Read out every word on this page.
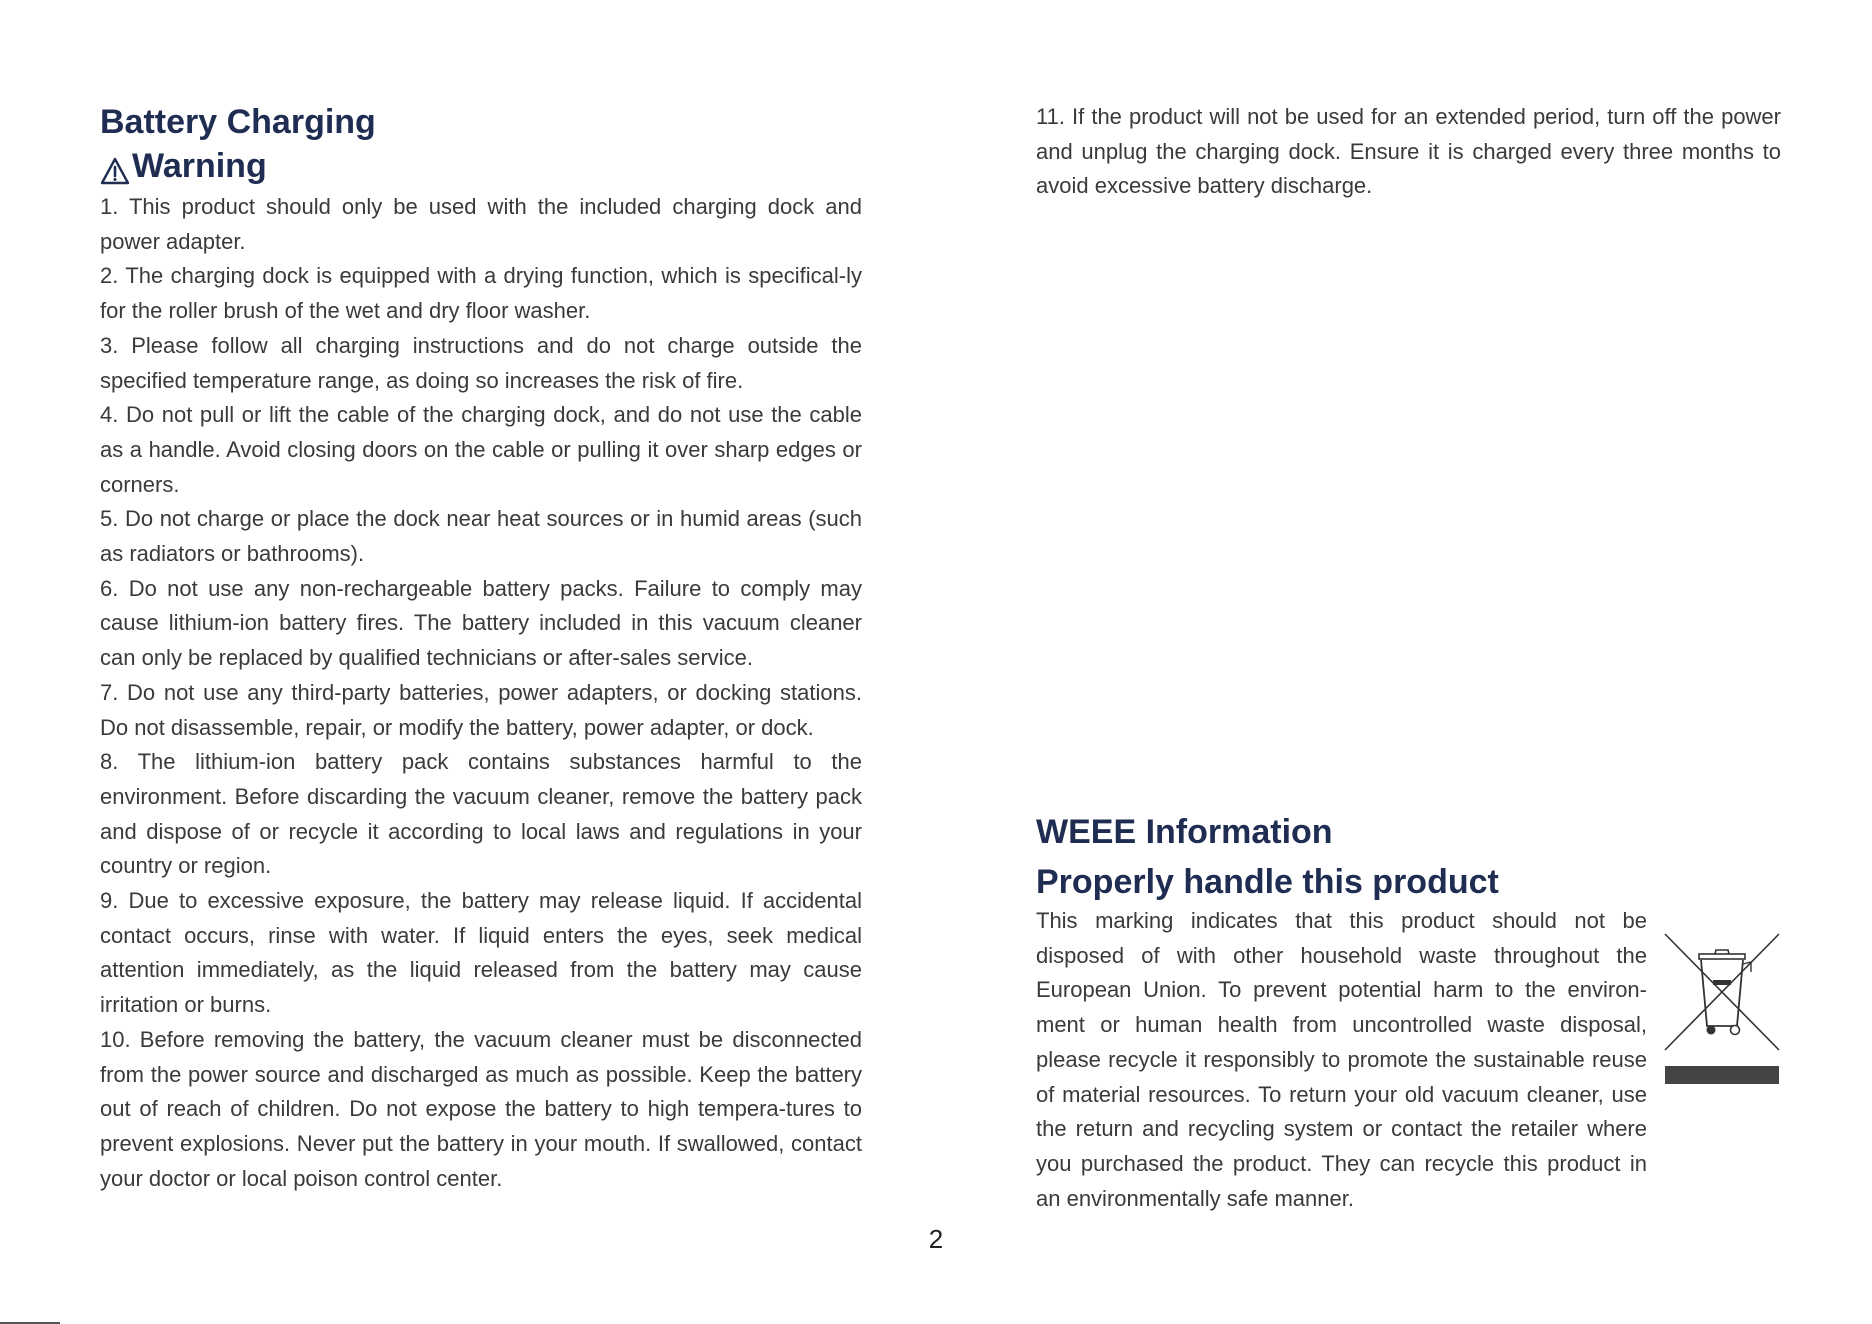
Battery Charging
Warning

1. This product should only be used with the included charging dock and power adapter.

2. The charging dock is equipped with a drying function, which is specifical-ly for the roller brush of the wet and dry floor washer.

3. Please follow all charging instructions and do not charge outside the specified temperature range, as doing so increases the risk of fire.

4. Do not pull or lift the cable of the charging dock, and do not use the cable as a handle. Avoid closing doors on the cable or pulling it over sharp edges or corners.

5. Do not charge or place the dock near heat sources or in humid areas (such as radiators or bathrooms).

6. Do not use any non-rechargeable battery packs. Failure to comply may cause lithium-ion battery fires. The battery included in this vacuum cleaner can only be replaced by qualified technicians or after-sales service.

7. Do not use any third-party batteries, power adapters, or docking stations. Do not disassemble, repair, or modify the battery, power adapter, or dock.

8. The lithium-ion battery pack contains substances harmful to the environment. Before discarding the vacuum cleaner, remove the battery pack and dispose of or recycle it according to local laws and regulations in your country or region.

9. Due to excessive exposure, the battery may release liquid. If accidental contact occurs, rinse with water. If liquid enters the eyes, seek medical attention immediately, as the liquid released from the battery may cause irritation or burns.

10. Before removing the battery, the vacuum cleaner must be disconnected from the power source and discharged as much as possible. Keep the battery out of reach of children. Do not expose the battery to high tempera-tures to prevent explosions. Never put the battery in your mouth. If swallowed, contact your doctor or local poison control center.

11. If the product will not be used for an extended period, turn off the power and unplug the charging dock. Ensure it is charged every three months to avoid excessive battery discharge.

WEEE Information
Properly handle this product

This marking indicates that this product should not be disposed of with other household waste throughout the European Union. To prevent potential harm to the environ-ment or human health from uncontrolled waste disposal, please recycle it responsibly to promote the sustainable reuse of material resources. To return your old vacuum cleaner, use the return and recycling system or contact the retailer where you purchased the product. They can recycle this product in an environmentally safe manner.

2
